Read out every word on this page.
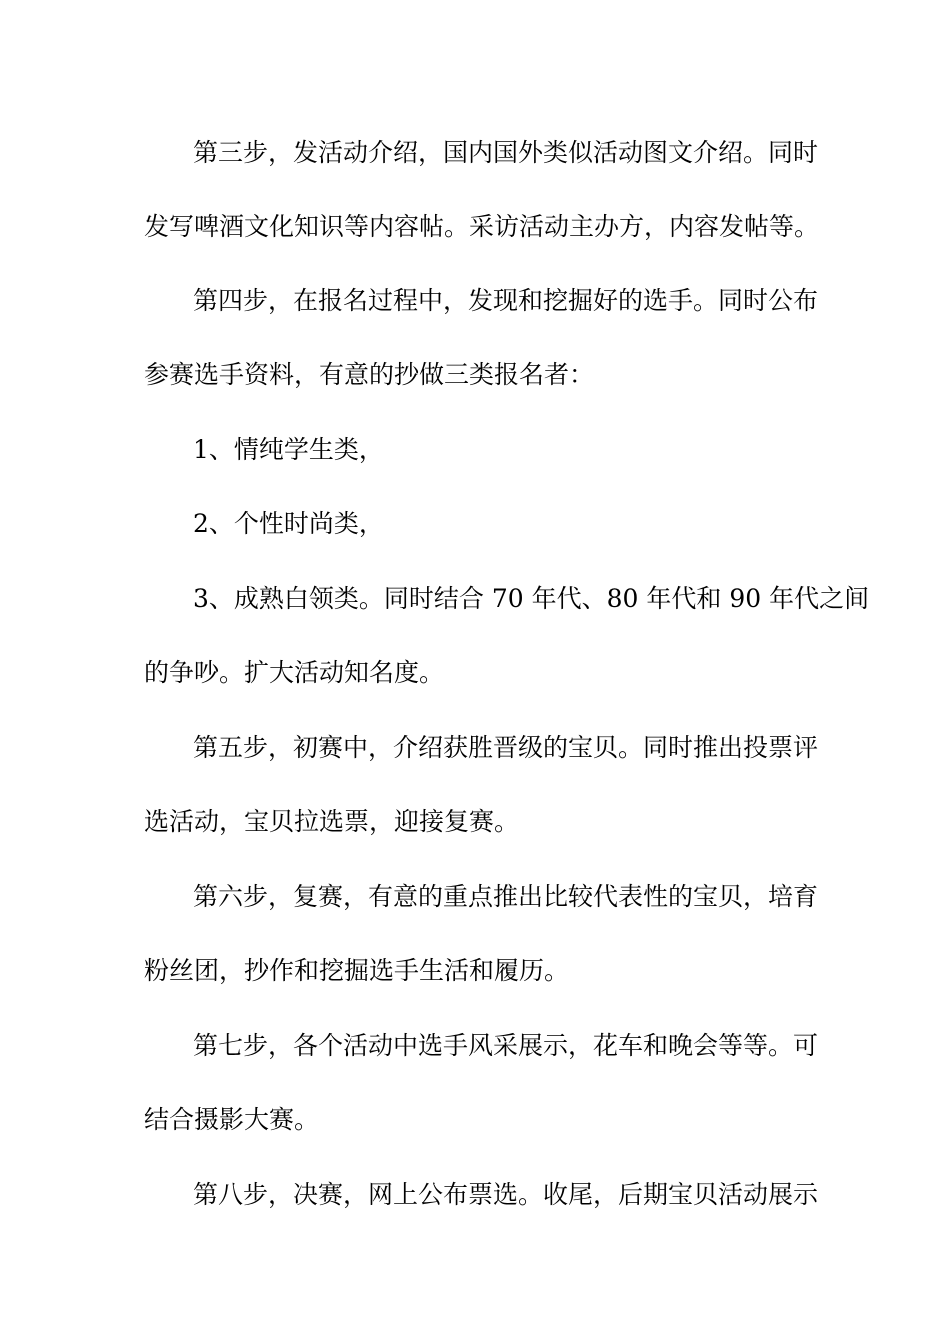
第三步，发活动介绍，国内国外类似活动图文介绍。同时

发写啤酒文化知识等内容帖。采访活动主办方，内容发帖等。

第四步，在报名过程中，发现和挖掘好的选手。同时公布

参赛选手资料，有意的抄做三类报名者：

1、情纯学生类，

2、个性时尚类，

3、成熟白领类。同时结合 70 年代、80 年代和 90 年代之间

的争吵。扩大活动知名度。

第五步，初赛中，介绍获胜晋级的宝贝。同时推出投票评

选活动，宝贝拉选票，迎接复赛。

第六步，复赛，有意的重点推出比较代表性的宝贝，培育

粉丝团，抄作和挖掘选手生活和履历。

第七步，各个活动中选手风采展示，花车和晚会等等。可

结合摄影大赛。

第八步，决赛，网上公布票选。收尾，后期宝贝活动展示
